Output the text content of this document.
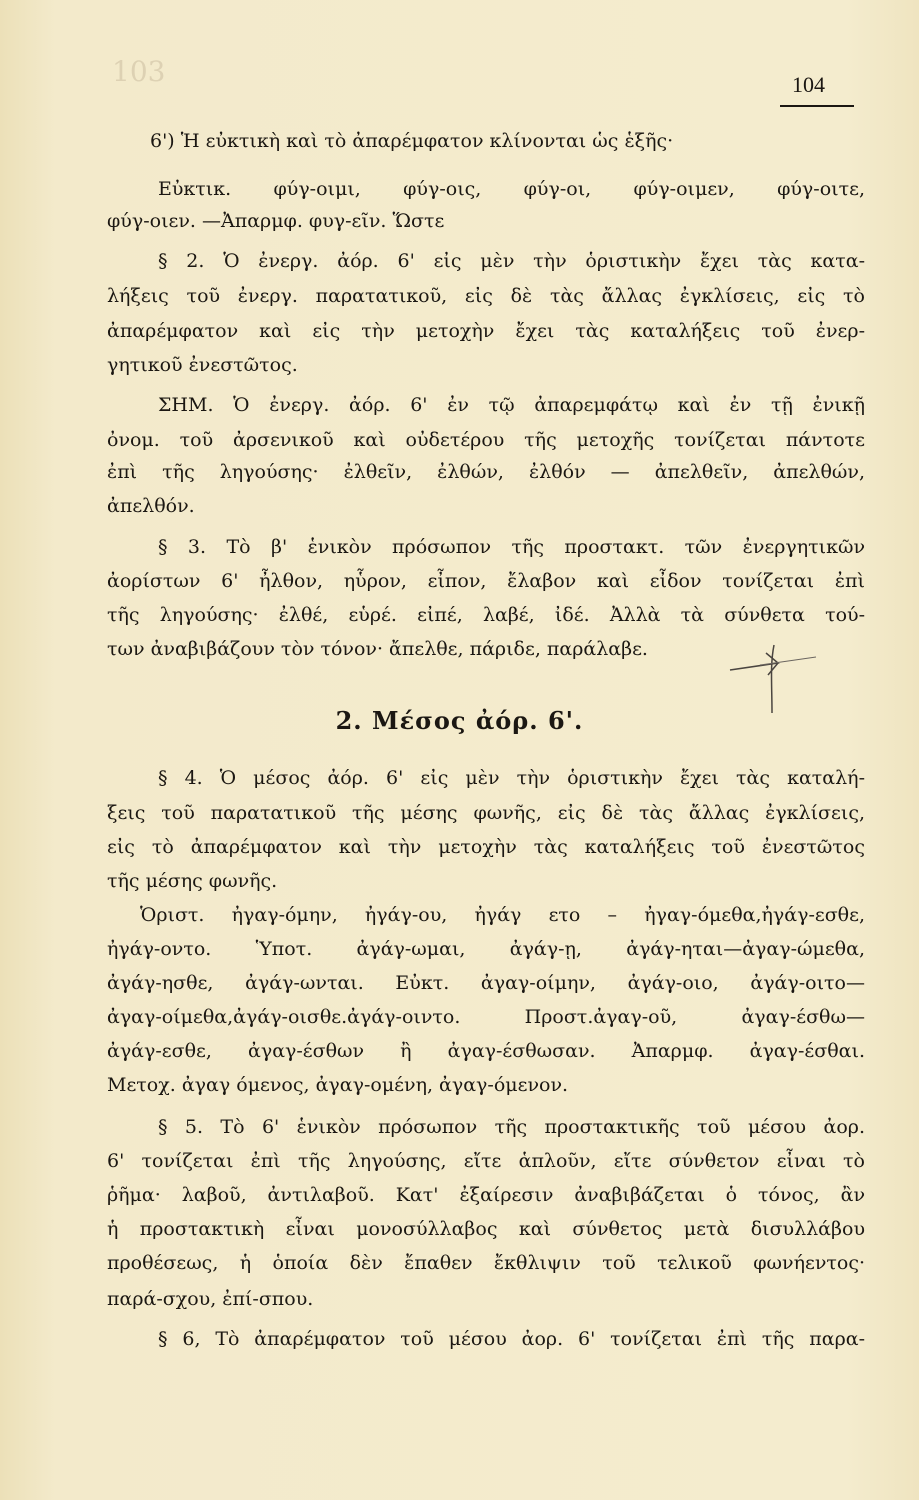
103	104
6') Ἡ εὐκτικὴ καὶ τὸ ἀπαρέμφατον κλίνονται ὡς ἑξῆς·
Εὐκτικ. φύγ-οιμι, φύγ-οις, φύγ-οι, φύγ-οιμεν, φύγ-οιτε,
φύγ-οιεν. —Ἀπαρμφ. φυγ-εῖν. Ὥστε
§ 2. Ὁ ἐνεργ. ἀόρ. 6' εἰς μὲν τὴν ὁριστικὴν ἔχει τὰς κατα-
λήξεις τοῦ ἐνεργ. παρατατικοῦ, εἰς δὲ τὰς ἄλλας ἐγκλίσεις, εἰς τὸ
ἀπαρέμφατον καὶ εἰς τὴν μετοχὴν ἔχει τὰς καταλήξεις τοῦ ἐνερ-
γητικοῦ ἐνεστῶτος.
ΣΗΜ. Ὁ ἐνεργ. ἀόρ. 6' ἐν τῷ ἀπαρεμφάτῳ καὶ ἐν τῇ ἐνικῇ
ὀνομ. τοῦ ἀρσενικοῦ καὶ οὐδετέρου τῆς μετοχῆς τονίζεται πάντοτε
ἐπὶ τῆς ληγούσης· ἐλθεῖν, ἐλθών, ἐλθόν — ἀπελθεῖν, ἀπελθών,
ἀπελθόν.
§ 3. Τὸ β' ἑνικὸν πρόσωπον τῆς προστακτ. τῶν ἐνεργητικῶν
ἀορίστων 6' ἦλθον, ηὗρον, εἶπον, ἔλαβον καὶ εἶδον τονίζεται ἐπὶ
τῆς ληγούσης· ἐλθέ, εὑρέ. εἰπέ, λαβέ, ἰδέ. Ἀλλὰ τὰ σύνθετα τού-
των ἀναβιβάζουν τὸν τόνον· ἄπελθε, πάριδε, παράλαβε.
2. Μέσος ἀόρ. 6'.
§ 4. Ὁ μέσος ἀόρ. 6' εἰς μὲν τὴν ὁριστικὴν ἔχει τὰς καταλή-
ξεις τοῦ παρατατικοῦ τῆς μέσης φωνῆς, εἰς δὲ τὰς ἄλλας ἐγκλίσεις,
εἰς τὸ ἀπαρέμφατον καὶ τὴν μετοχὴν τὰς καταλήξεις τοῦ ἐνεστῶτος
τῆς μέσης φωνῆς.
Ὁριστ. ἠγαγ-όμην, ἠγάγ-ου, ἠγάγ ετο – ἠγαγ-όμεθα,ἠγάγ-εσθε,
ἠγάγ-οντο. Ὑποτ. ἀγάγ-ωμαι, ἀγάγ-ῃ, ἀγάγ-ηται—ἀγαγ-ώμεθα,
ἀγάγ-ησθε, ἀγάγ-ωνται. Εὐκτ. ἀγαγ-οίμην, ἀγάγ-οιο, ἀγάγ-οιτο—
ἀγαγ-οίμεθα,ἀγάγ-οισθε.ἀγάγ-οιντο. Προστ.ἀγαγ-οῦ, ἀγαγ-έσθω—
ἀγάγ-εσθε, ἀγαγ-έσθων ἢ ἀγαγ-έσθωσαν. Ἀπαρμφ. ἀγαγ-έσθαι.
Μετοχ. ἀγαγ όμενος, ἀγαγ-ομένη, ἀγαγ-όμενον.
§ 5. Τὸ 6' ἑνικὸν πρόσωπον τῆς προστακτικῆς τοῦ μέσου ἀορ.
6' τονίζεται ἐπὶ τῆς ληγούσης, εἴτε ἁπλοῦν, εἴτε σύνθετον εἶναι τὸ
ῥῆμα· λαβοῦ, ἀντιλαβοῦ. Κατ' ἐξαίρεσιν ἀναβιβάζεται ὁ τόνος, ἂν
ἡ προστακτικὴ εἶναι μονοσύλλαβος καὶ σύνθετος μετὰ δισυλλάβου
προθέσεως, ἡ ὁποία δὲν ἔπαθεν ἔκθλιψιν τοῦ τελικοῦ φωνήεντος·
παρά-σχου, ἐπί-σπου.
§ 6, Τὸ ἀπαρέμφατον τοῦ μέσου ἀορ. 6' τονίζεται ἐπὶ τῆς παρα-
